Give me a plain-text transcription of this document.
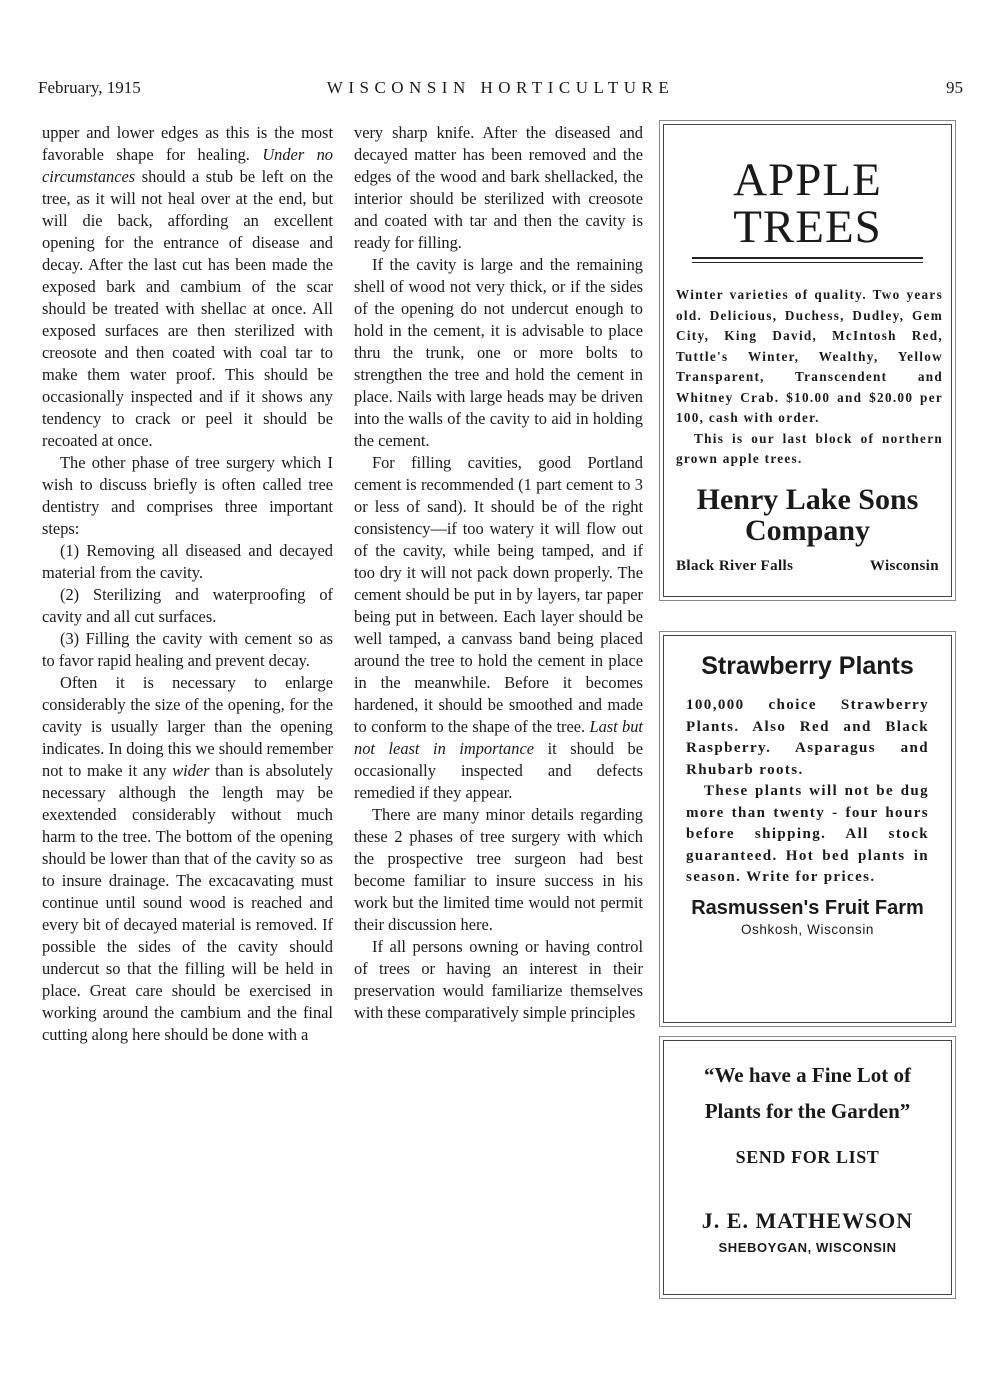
February, 1915	WISCONSIN HORTICULTURE	95

upper and lower edges as this is the most favorable shape for healing. Under no circumstances should a stub be left on the tree, as it will not heal over at the end, but will die back, affording an excellent opening for the entrance of disease and decay. After the last cut has been made the exposed bark and cambium of the scar should be treated with shellac at once. All exposed surfaces are then sterilized with creosote and then coated with coal tar to make them water proof. This should be occasionally inspected and if it shows any tendency to crack or peel it should be recoated at once.

The other phase of tree surgery which I wish to discuss briefly is often called tree dentistry and comprises three important steps:

(1) Removing all diseased and decayed material from the cavity.

(2) Sterilizing and waterproofing of cavity and all cut surfaces.

(3) Filling the cavity with cement so as to favor rapid healing and prevent decay.

Often it is necessary to enlarge considerably the size of the opening, for the cavity is usually larger than the opening indicates. In doing this we should remember not to make it any wider than is absolutely necessary although the length may be exextended considerably without much harm to the tree. The bottom of the opening should be lower than that of the cavity so as to insure drainage. The excacavating must continue until sound wood is reached and every bit of decayed material is removed. If possible the sides of the cavity should undercut so that the filling will be held in place. Great care should be exercised in working around the cambium and the final cutting along here should be done with a

very sharp knife. After the diseased and decayed matter has been removed and the edges of the wood and bark shellacked, the interior should be sterilized with creosote and coated with tar and then the cavity is ready for filling.

If the cavity is large and the remaining shell of wood not very thick, or if the sides of the opening do not undercut enough to hold in the cement, it is advisable to place thru the trunk, one or more bolts to strengthen the tree and hold the cement in place. Nails with large heads may be driven into the walls of the cavity to aid in holding the cement.

For filling cavities, good Portland cement is recommended (1 part cement to 3 or less of sand). It should be of the right consistency—if too watery it will flow out of the cavity, while being tamped, and if too dry it will not pack down properly. The cement should be put in by layers, tar paper being put in between. Each layer should be well tamped, a canvass band being placed around the tree to hold the cement in place in the meanwhile. Before it becomes hardened, it should be smoothed and made to conform to the shape of the tree. Last but not least in importance it should be occasionally inspected and defects remedied if they appear.

There are many minor details regarding these 2 phases of tree surgery with which the prospective tree surgeon had best become familiar to insure success in his work but the limited time would not permit their discussion here.

If all persons owning or having control of trees or having an interest in their preservation would familiarize themselves with these comparatively simple principles

APPLE
TREES

Winter varieties of quality. Two years old. Delicious, Duchess, Dudley, Gem City, King David, McIntosh Red, Tuttle's Winter, Wealthy, Yellow Transparent, Transcendent and Whitney Crab. $10.00 and $20.00 per 100, cash with order.

This is our last block of northern grown apple trees.

Henry Lake Sons
Company
Black River Falls	Wisconsin
Strawberry Plants

100,000 choice Strawberry Plants. Also Red and Black Raspberry. Asparagus and Rhubarb roots.

These plants will not be dug more than twenty - four hours before shipping. All stock guaranteed. Hot bed plants in season. Write for prices.

Rasmussen's Fruit Farm
Oshkosh, Wisconsin
“We have a Fine Lot of
Plants for the Garden”
SEND FOR LIST
J. E. MATHEWSON
SHEBOYGAN, WISCONSIN
